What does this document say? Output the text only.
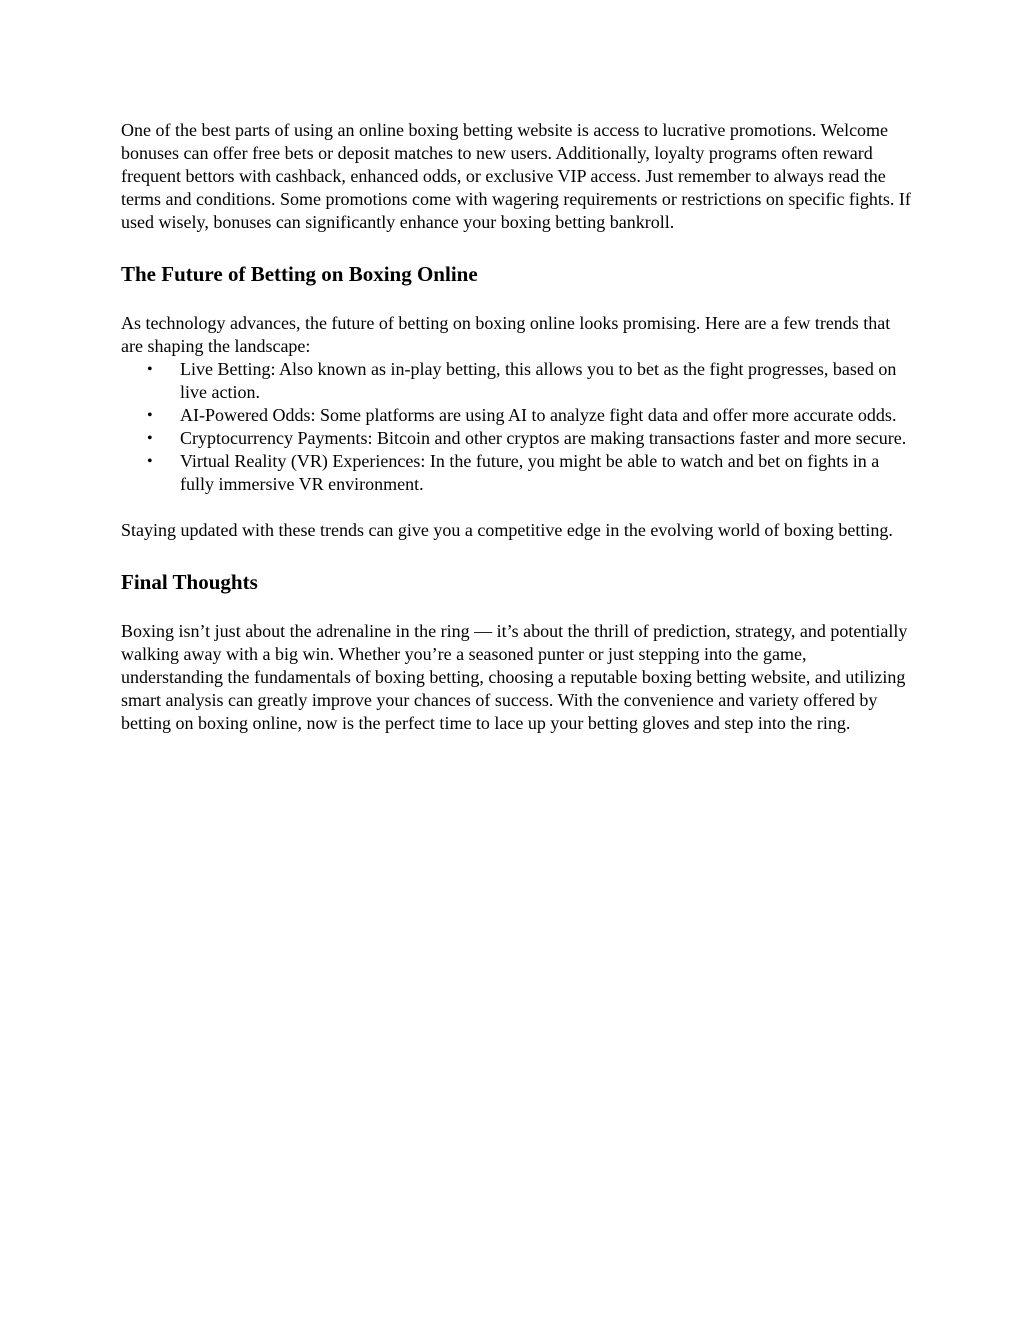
One of the best parts of using an online boxing betting website is access to lucrative promotions. Welcome bonuses can offer free bets or deposit matches to new users. Additionally, loyalty programs often reward frequent bettors with cashback, enhanced odds, or exclusive VIP access. Just remember to always read the terms and conditions. Some promotions come with wagering requirements or restrictions on specific fights. If used wisely, bonuses can significantly enhance your boxing betting bankroll.

The Future of Betting on Boxing Online

As technology advances, the future of betting on boxing online looks promising. Here are a few trends that are shaping the landscape:

• Live Betting: Also known as in-play betting, this allows you to bet as the fight progresses, based on live action.
• AI-Powered Odds: Some platforms are using AI to analyze fight data and offer more accurate odds.
• Cryptocurrency Payments: Bitcoin and other cryptos are making transactions faster and more secure.
• Virtual Reality (VR) Experiences: In the future, you might be able to watch and bet on fights in a fully immersive VR environment.

Staying updated with these trends can give you a competitive edge in the evolving world of boxing betting.

Final Thoughts

Boxing isn’t just about the adrenaline in the ring — it’s about the thrill of prediction, strategy, and potentially walking away with a big win. Whether you’re a seasoned punter or just stepping into the game, understanding the fundamentals of boxing betting, choosing a reputable boxing betting website, and utilizing smart analysis can greatly improve your chances of success. With the convenience and variety offered by betting on boxing online, now is the perfect time to lace up your betting gloves and step into the ring.
